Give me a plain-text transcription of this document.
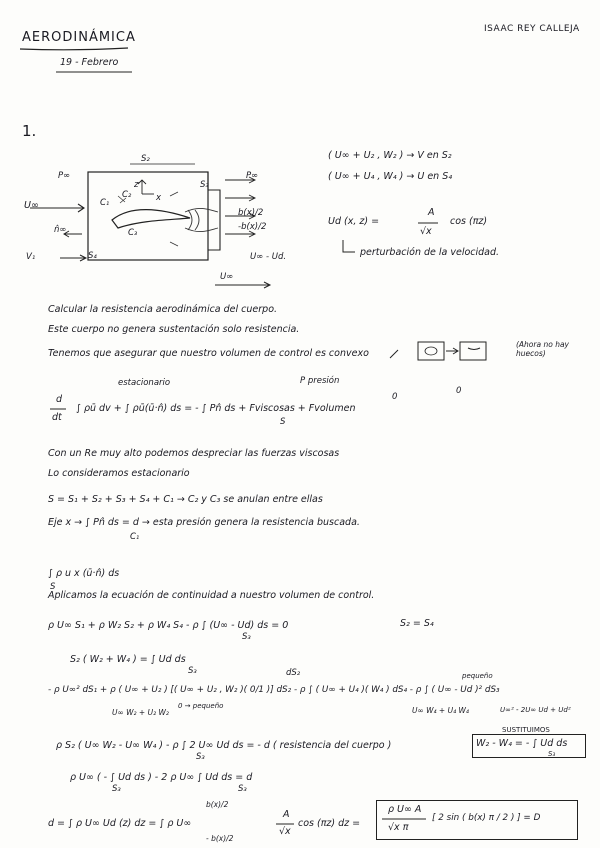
AERODINÁMICA
19 - Febrero
ISAAC REY CALLEJA
1.
S₂
P∞	P∞
U∞
n̂∞
V₁	S₄
S₃
C₁
C₂
C₃
z
x
b(x)/2
-b(x)/2
U∞ - Ud.
U∞
( U∞ + U₂ , W₂ ) → V en S₂
( U∞ + U₄ , W₄ ) → U en S₄
Ud (x, z) =
A
√x
cos (πz)
perturbación de la velocidad.
Calcular la resistencia aerodinámica del cuerpo.
Este cuerpo no genera sustentación solo resistencia.
Tenemos que asegurar que nuestro volumen de control es convexo
(Ahora no hay huecos)
estacionario	P presión
d
dt
∫ ρū dv + ∫ ρū(ū·n̂) ds = - ∫ Pn̂ ds + Fviscosas + Fvolumen
S
0
0
Con un Re muy alto podemos despreciar las fuerzas viscosas
Lo consideramos estacionario
S = S₁ + S₂ + S₃ + S₄ + C₁ → C₂ y C₃ se anulan entre ellas
Eje x → ∫ Pn̂ ds = d → esta presión genera la resistencia buscada.
C₁
∫ ρ u x (ū·n̂) ds
S
Aplicamos la ecuación de continuidad a nuestro volumen de control.
ρ U∞ S₁ + ρ W₂ S₂ + ρ W₄ S₄ - ρ ∫ (U∞ - Ud) ds = 0
S₃
S₂ = S₄
S₂ ( W₂ + W₄ ) = ∫ Ud ds
S₃	dS₂
- ρ U∞² dS₁ + ρ ( U∞ + U₂ ) [( U∞ + U₂ , W₂ )( 0/1 )] dS₂ - ρ ∫ ( U∞ + U₄ )( W₄ ) dS₄ - ρ ∫ ( U∞ - Ud )² dS₃
U∞ W₂ + U₂ W₂
0 → pequeño	U∞ W₄ + U₄ W₄
pequeño
U∞² - 2U∞ Ud + Ud²
ρ S₂ ( U∞ W₂ - U∞ W₄ ) - ρ ∫ 2 U∞ Ud ds = - d ( resistencia del cuerpo )
S₃
SUSTITUIMOS
W₂ - W₄ = - ∫ Ud ds
S₃
ρ U∞ ( - ∫ Ud ds ) - 2 ρ U∞ ∫ Ud ds = d
S₃	S₃
b(x)/2
d = ∫ ρ U∞ Ud (z) dz = ∫ ρ U∞
- b(x)/2
A
√x
cos (πz) dz =
ρ U∞ A
√x π
[ 2 sin ( b(x) π / 2 ) ] = D
